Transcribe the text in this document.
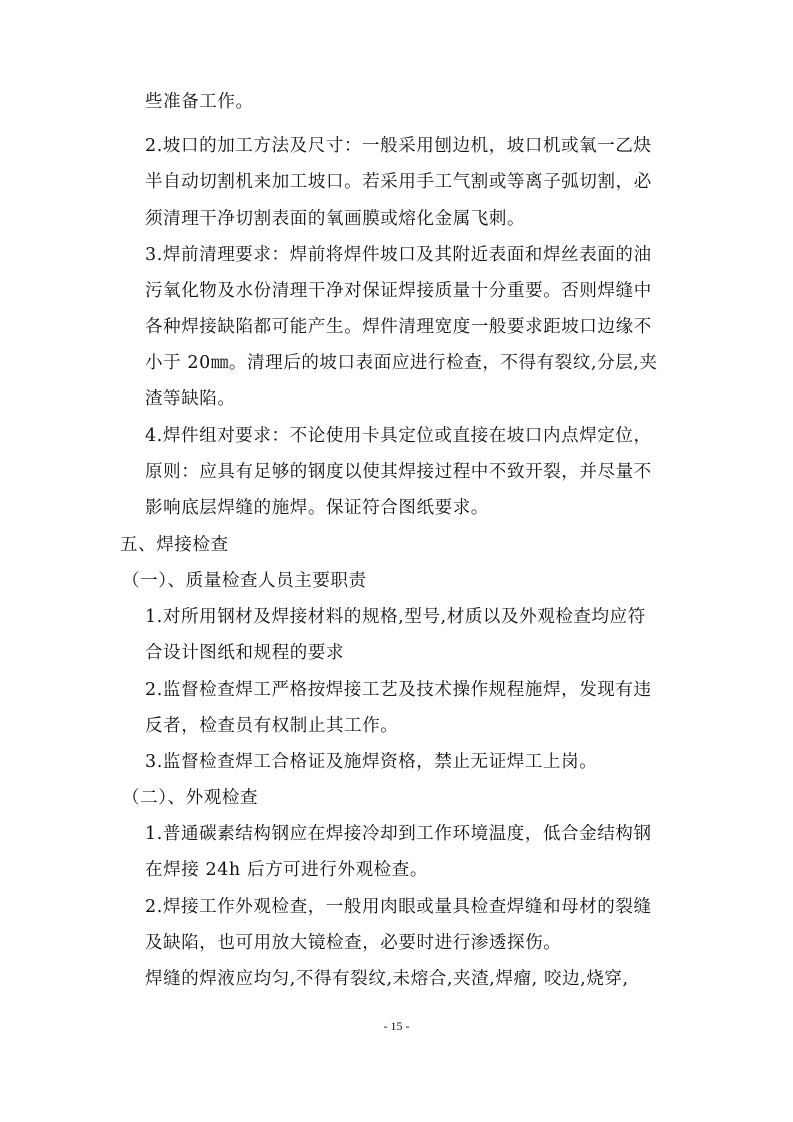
些准备工作。
2.坡口的加工方法及尺寸：一般采用刨边机，坡口机或氧一乙炔
半自动切割机来加工坡口。若采用手工气割或等离子弧切割，必
须清理干净切割表面的氧画膜或熔化金属飞刺。
3.焊前清理要求：焊前将焊件坡口及其附近表面和焊丝表面的油
污氧化物及水份清理干净对保证焊接质量十分重要。否则焊缝中
各种焊接缺陷都可能产生。焊件清理宽度一般要求距坡口边缘不
小于 20㎜。清理后的坡口表面应进行检查，不得有裂纹,分层,夹
渣等缺陷。
4.焊件组对要求：不论使用卡具定位或直接在坡口内点焊定位，
原则：应具有足够的钢度以使其焊接过程中不致开裂，并尽量不
影响底层焊缝的施焊。保证符合图纸要求。
五、焊接检查
（一）、质量检查人员主要职责
1.对所用钢材及焊接材料的规格,型号,材质以及外观检查均应符
合设计图纸和规程的要求
2.监督检查焊工严格按焊接工艺及技术操作规程施焊，发现有违
反者，检查员有权制止其工作。
3.监督检查焊工合格证及施焊资格，禁止无证焊工上岗。
（二）、外观检查
1.普通碳素结构钢应在焊接冷却到工作环境温度，低合金结构钢
在焊接 24h 后方可进行外观检查。
2.焊接工作外观检查，一般用肉眼或量具检查焊缝和母材的裂缝
及缺陷，也可用放大镜检查，必要时进行渗透探伤。
焊缝的焊液应均匀,不得有裂纹,未熔合,夹渣,焊瘤, 咬边,烧穿,
- 15 -
